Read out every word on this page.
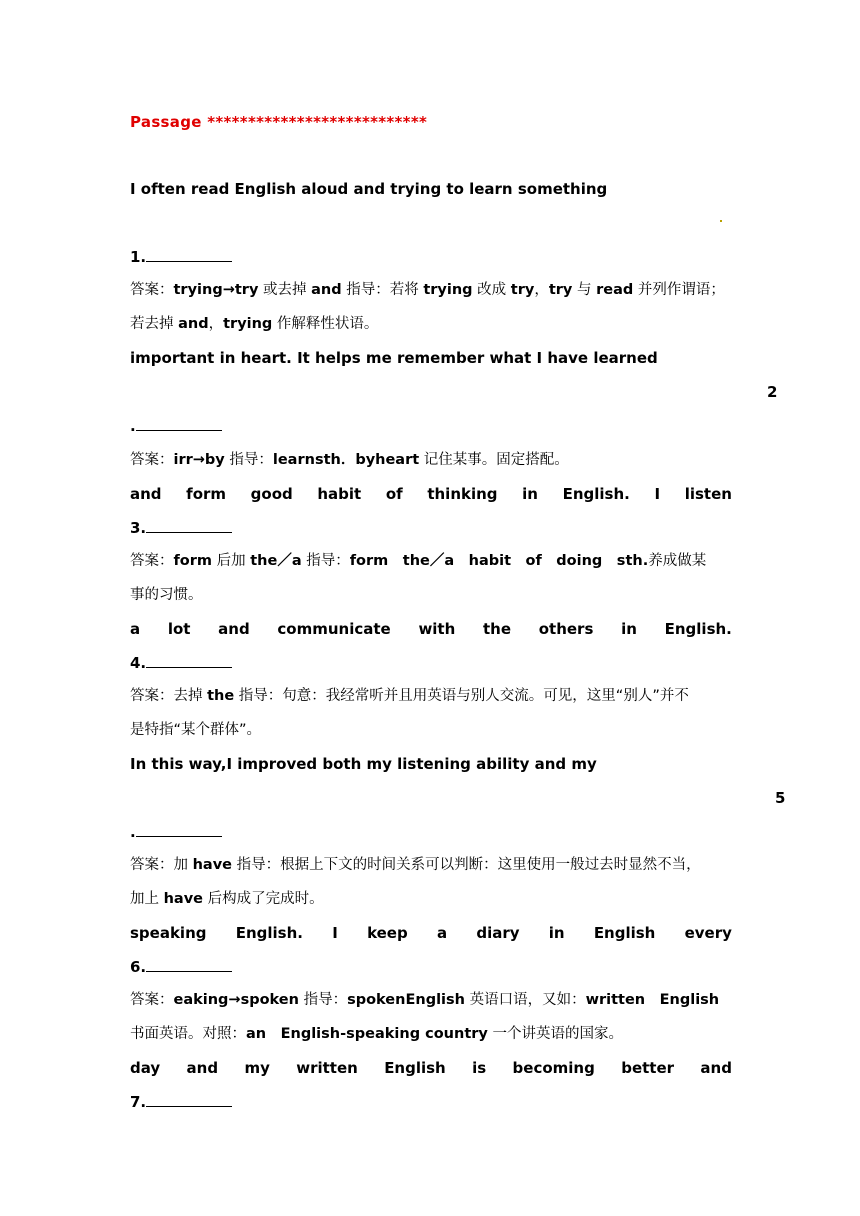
Passage ***************************
I often read English aloud and trying to learn something
1.
答案：trying→try 或去掉 and 指导：若将 trying 改成 try，try 与 read 并列作谓语；
若去掉 and，trying 作解释性状语。
important in heart. It helps me remember what I have learned
2
.
答案：irr→by 指导：learnsth．byheart 记住某事。固定搭配。
and form good habit of thinking in English. I listen
3.
答案：form 后加 the／a 指导：form　the／a　habit　of　doing　sth.养成做某
事的习惯。
a lot and communicate with the others in English.
4.
答案：去掉 the 指导：句意：我经常听并且用英语与别人交流。可见，这里“别人”并不
是特指“某个群体”。
In this way,I improved both my listening ability and my
5
.
答案：加 have 指导：根据上下文的时间关系可以判断：这里使用一般过去时显然不当，
加上 have 后构成了完成时。
speaking English. I keep a diary in English every
6.
答案：eaking→spoken 指导：spokenEnglish 英语口语，又如：written　English
书面英语。对照：an　English-speaking country 一个讲英语的国家。
day and my written English is becoming better and
7.
